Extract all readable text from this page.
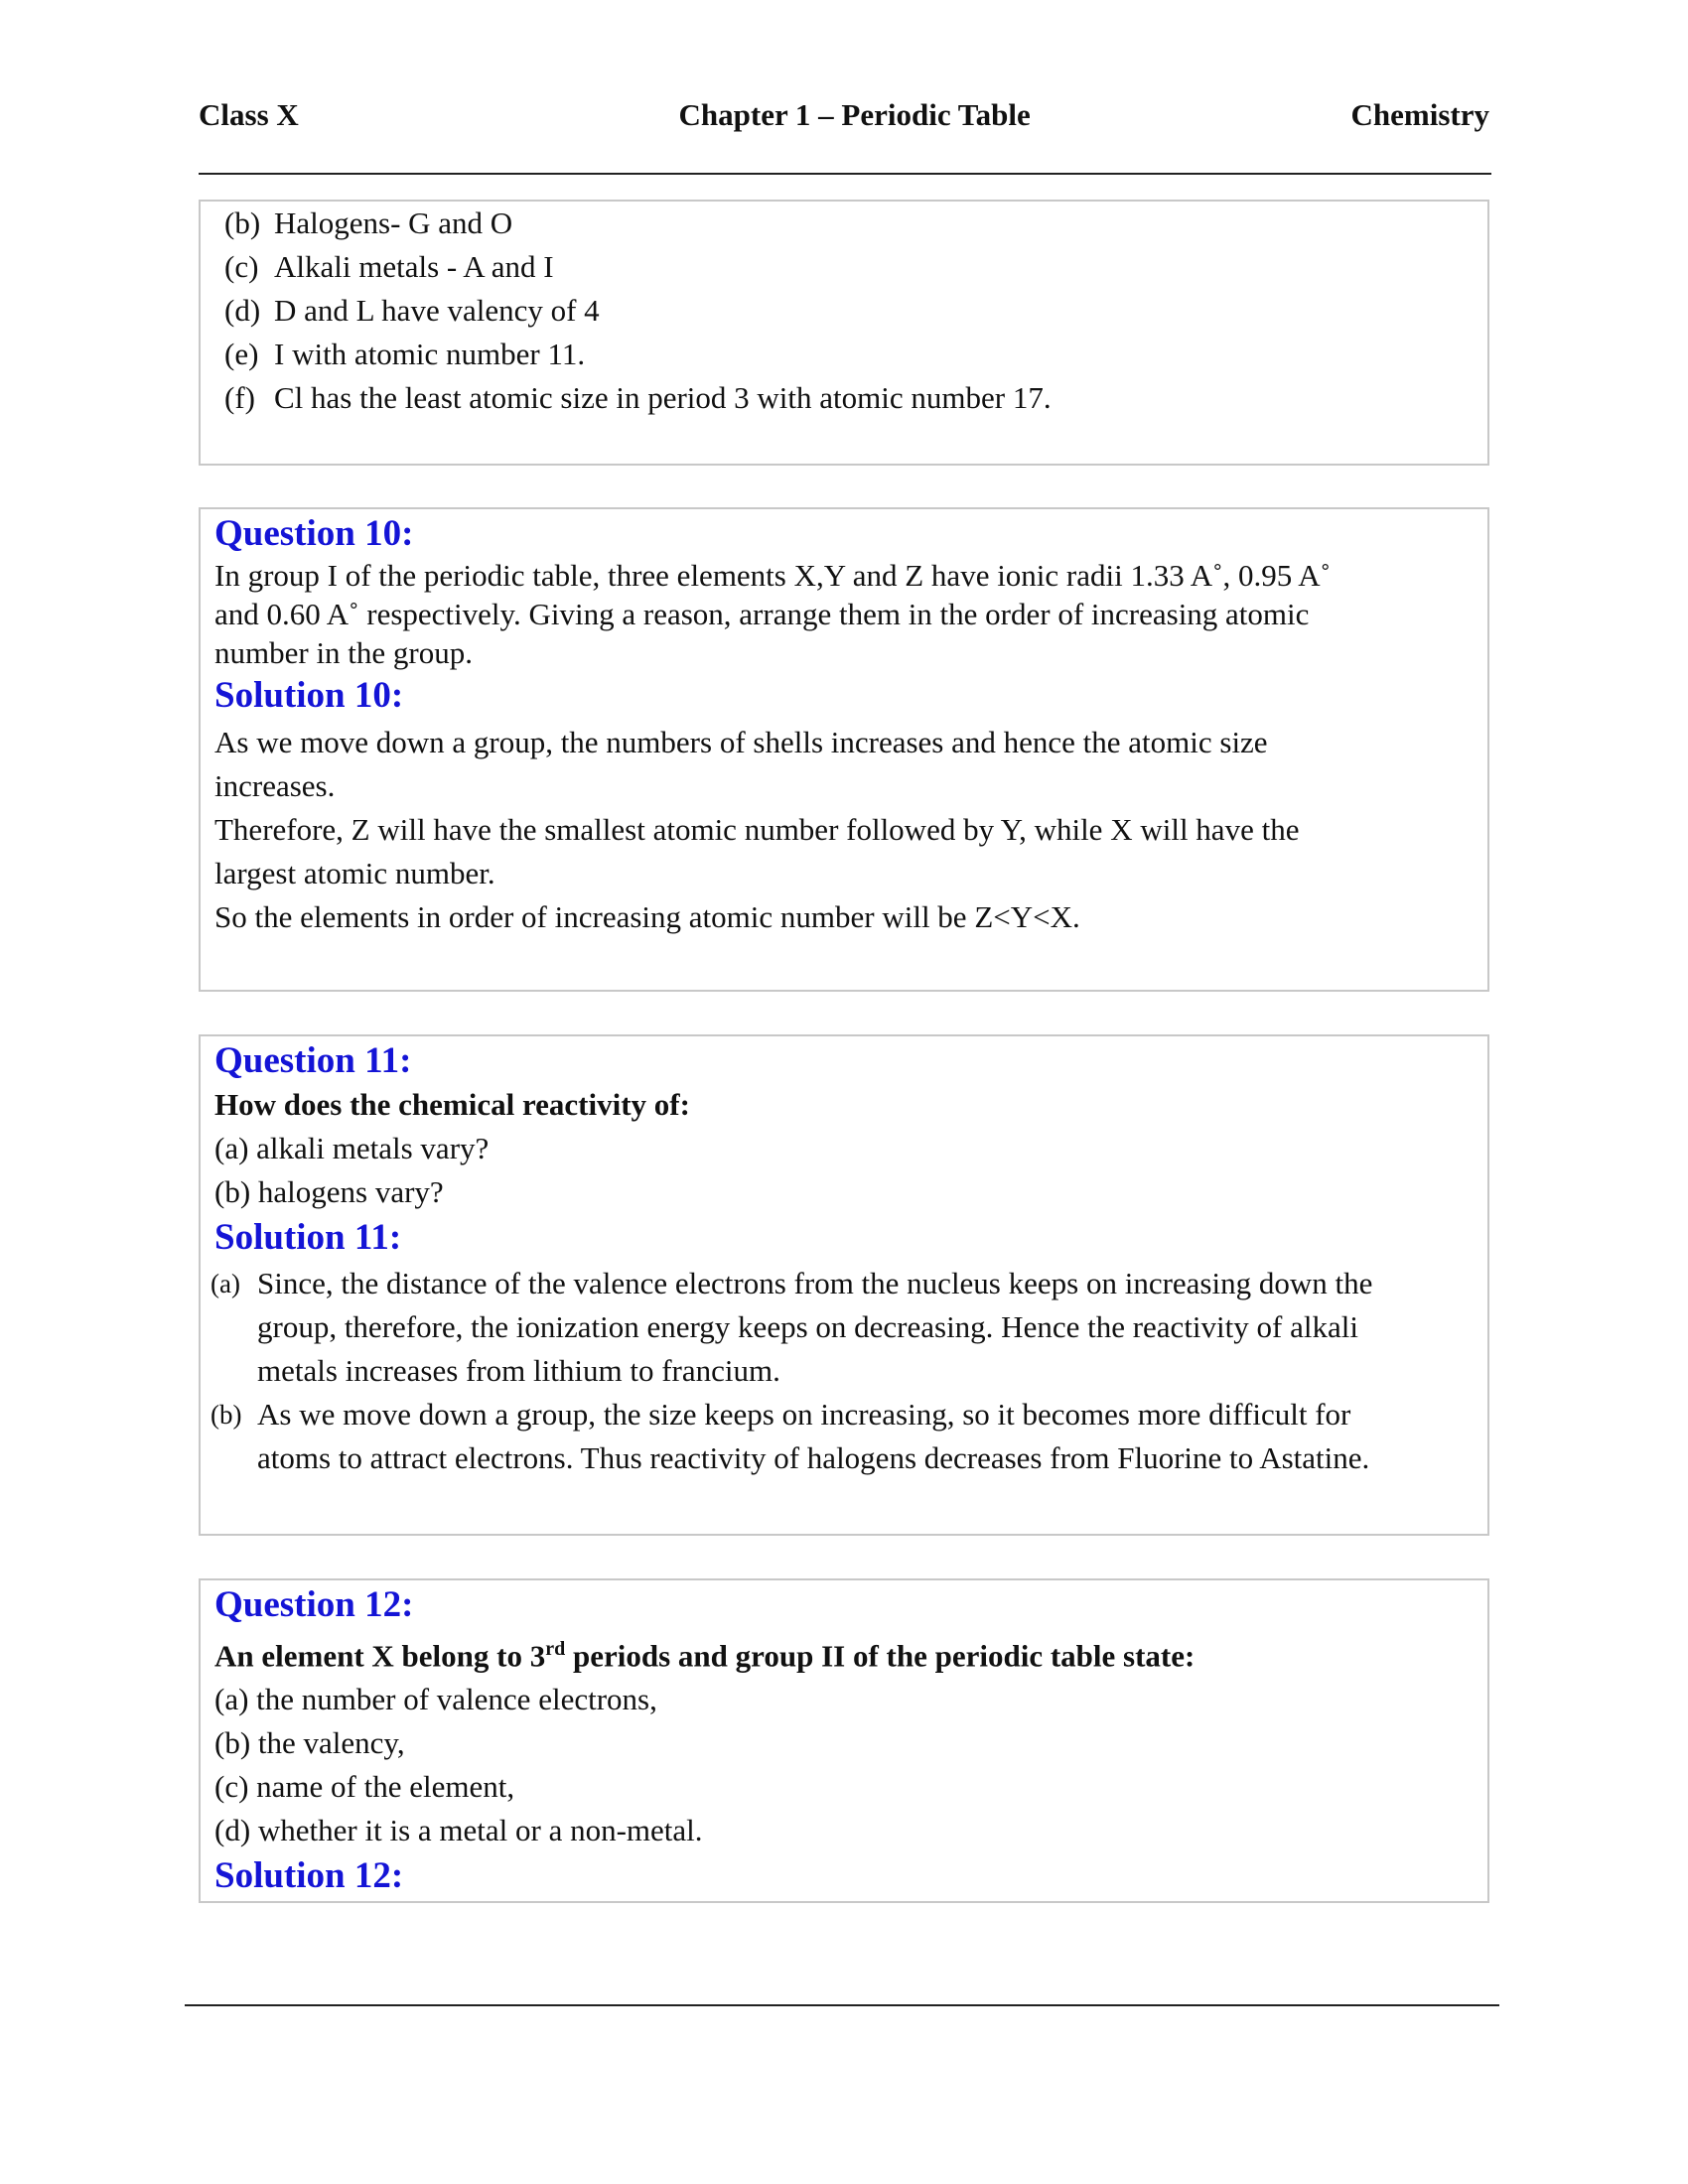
Class X	Chapter 1 – Periodic Table	Chemistry
(b) Halogens- G and O
(c) Alkali metals - A and I
(d) D and L have valency of 4
(e) I with atomic number 11.
(f) Cl has the least atomic size in period 3 with atomic number 17.
Question 10:
In group I of the periodic table, three elements X,Y and Z have ionic radii 1.33 A˚, 0.95 A˚
and 0.60 A˚ respectively. Giving a reason, arrange them in the order of increasing atomic
number in the group.
Solution 10:
As we move down a group, the numbers of shells increases and hence the atomic size
increases.
Therefore, Z will have the smallest atomic number followed by Y, while X will have the
largest atomic number.
So the elements in order of increasing atomic number will be Z<Y<X.
Question 11:
How does the chemical reactivity of:
(a) alkali metals vary?
(b) halogens vary?
Solution 11:
(a) Since, the distance of the valence electrons from the nucleus keeps on increasing down the
group, therefore, the ionization energy keeps on decreasing. Hence the reactivity of alkali
metals increases from lithium to francium.
(b) As we move down a group, the size keeps on increasing, so it becomes more difficult for
atoms to attract electrons. Thus reactivity of halogens decreases from Fluorine to Astatine.
Question 12:
An element X belong to 3rd periods and group II of the periodic table state:
(a) the number of valence electrons,
(b) the valency,
(c) name of the element,
(d) whether it is a metal or a non-metal.
Solution 12:
